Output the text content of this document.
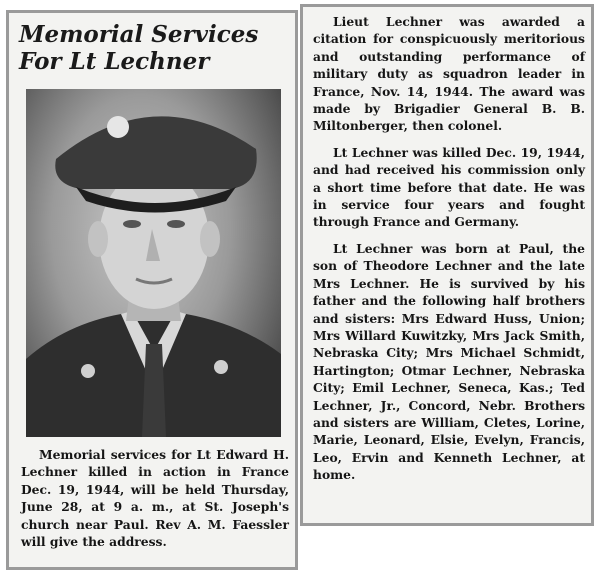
Memorial Services
For Lt Lechner

Memorial services for Lt Edward H. Lechner killed in action in France Dec. 19, 1944, will be held Thursday, June 28, at 9 a. m., at St. Joseph's church near Paul. Rev A. M. Faessler will give the address.

Lieut Lechner was awarded a citation for conspicuously meritorious and outstanding performance of military duty as squadron leader in France, Nov. 14, 1944. The award was made by Brigadier General B. B. Miltonberger, then colonel.

Lt Lechner was killed Dec. 19, 1944, and had received his commission only a short time before that date. He was in service four years and fought through France and Germany.

Lt Lechner was born at Paul, the son of Theodore Lechner and the late Mrs Lechner. He is survived by his father and the following half brothers and sisters: Mrs Edward Huss, Union; Mrs Willard Kuwitzky, Mrs Jack Smith, Nebraska City; Mrs Michael Schmidt, Hartington; Otmar Lechner, Nebraska City; Emil Lechner, Seneca, Kas.; Ted Lechner, Jr., Concord, Nebr. Brothers and sisters are William, Cletes, Lorine, Marie, Leonard, Elsie, Evelyn, Francis, Leo, Ervin and Kenneth Lechner, at home.
